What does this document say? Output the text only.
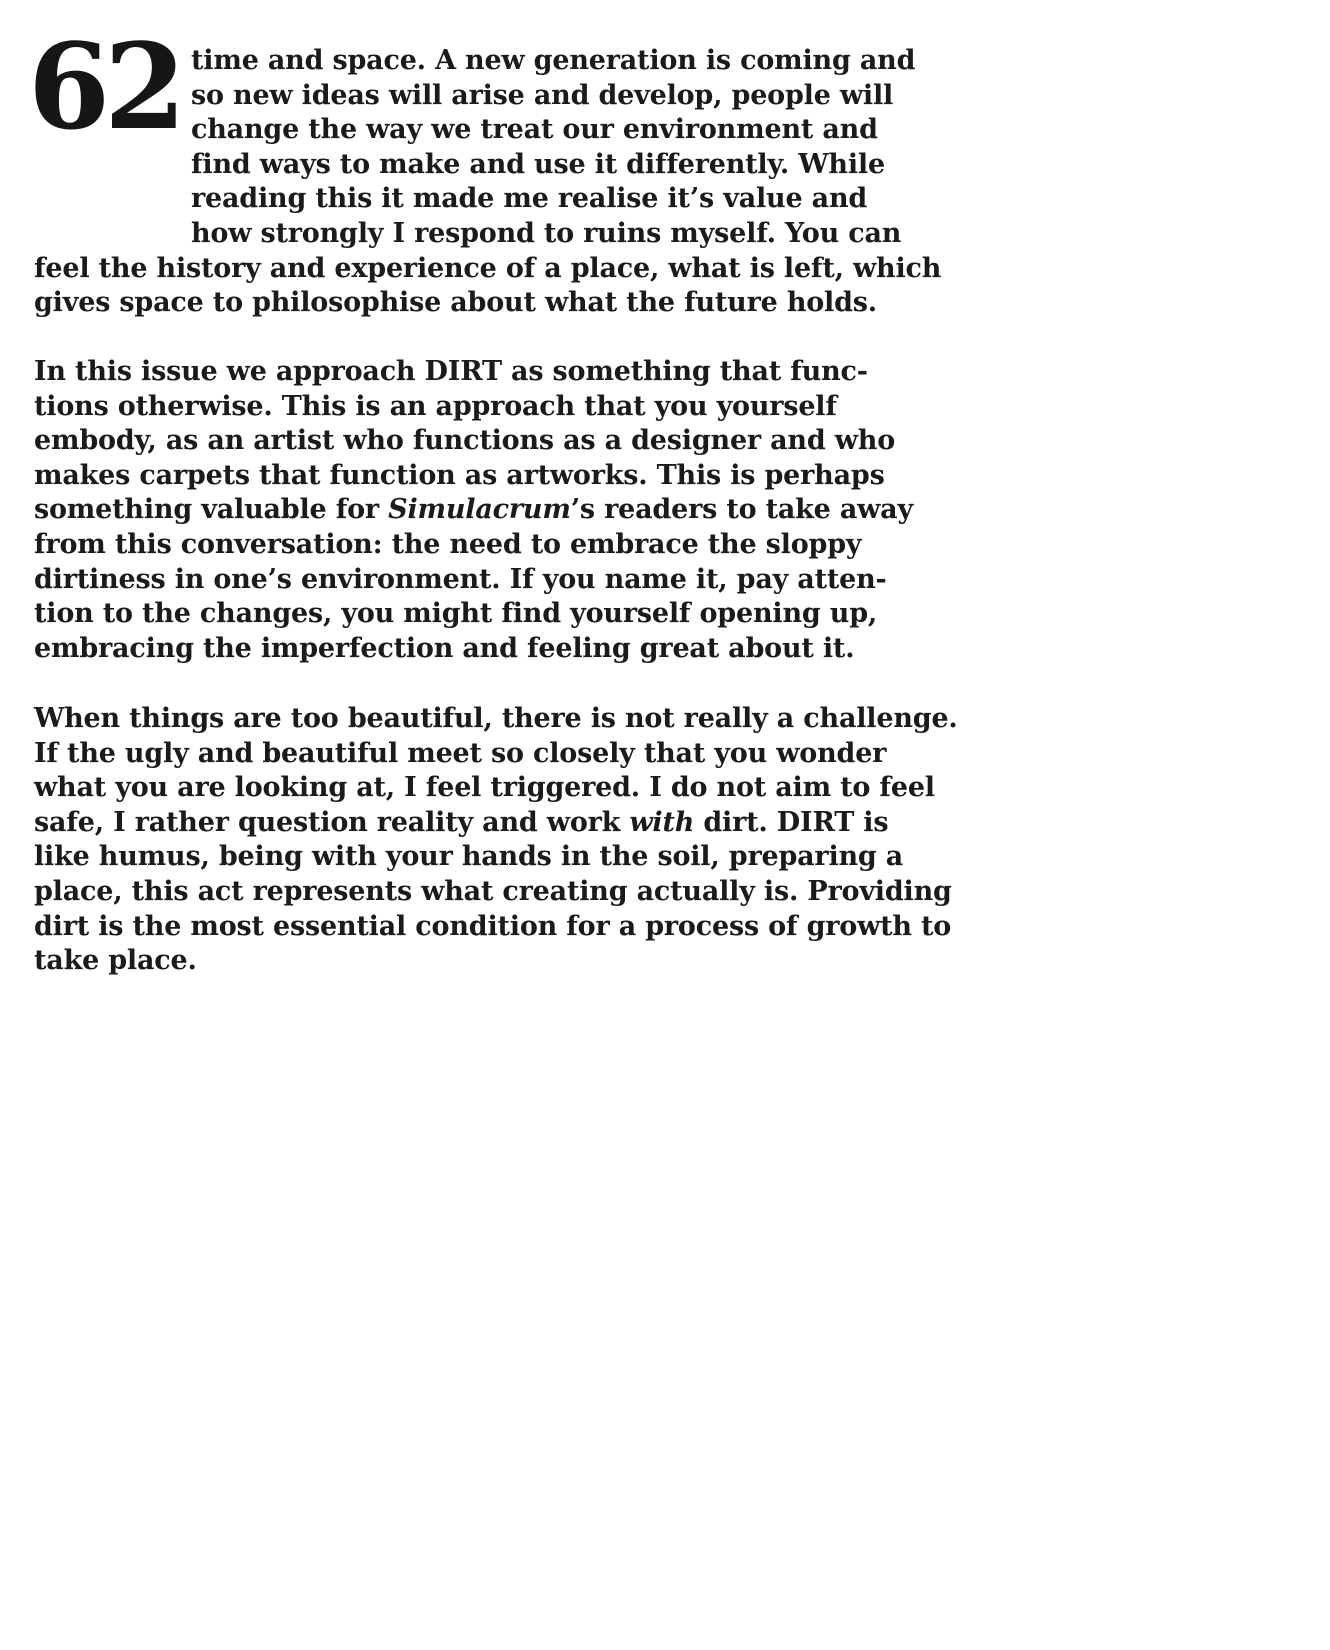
62 time and space. A new generation is coming and
so new ideas will arise and develop, people will
change the way we treat our environment and
find ways to make and use it differently. While
reading this it made me realise it’s value and
how strongly I respond to ruins myself. You can
feel the history and experience of a place, what is left, which
gives space to philosophise about what the future holds.

In this issue we approach DIRT as something that func-
tions otherwise. This is an approach that you yourself
embody, as an artist who functions as a designer and who
makes carpets that function as artworks. This is perhaps
something valuable for Simulacrum’s readers to take away
from this conversation: the need to embrace the sloppy
dirtiness in one’s environment. If you name it, pay atten-
tion to the changes, you might find yourself opening up,
embracing the imperfection and feeling great about it.

When things are too beautiful, there is not really a challenge.
If the ugly and beautiful meet so closely that you wonder
what you are looking at, I feel triggered. I do not aim to feel
safe, I rather question reality and work with dirt. DIRT is
like humus, being with your hands in the soil, preparing a
place, this act represents what creating actually is. Providing
dirt is the most essential condition for a process of growth to
take place.
